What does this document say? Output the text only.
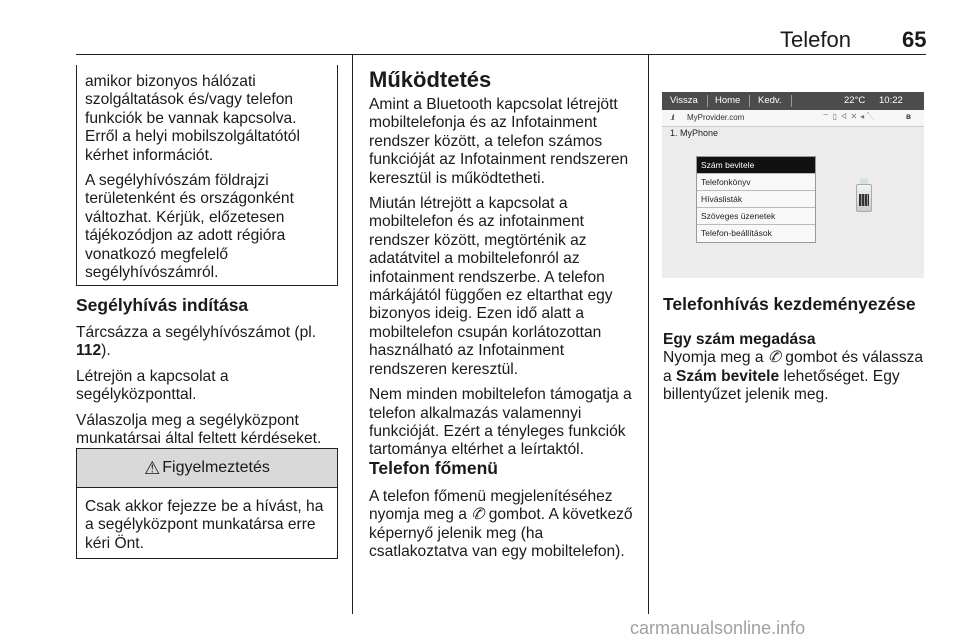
Telefon 65

amikor bizonyos hálózati szolgáltatások és/vagy telefon funkciók be vannak kapcsolva. Erről a helyi mobilszolgáltatótól kérhet információt.

A segélyhívószám földrajzi területenként és országonként változhat. Kérjük, előzetesen tájékozódjon az adott régióra vonatkozó megfelelő segélyhívószámról.

Segélyhívás indítása

Tárcsázza a segélyhívószámot (pl. 112).

Létrejön a kapcsolat a segélyközponttal.

Válaszolja meg a segélyközpont munkatársai által feltett kérdéseket.

⚠ Figyelmeztetés
Csak akkor fejezze be a hívást, ha a segélyközpont munkatársa erre kéri Önt.
Működtetés

Amint a Bluetooth kapcsolat létrejött mobiltelefonja és az Infotainment rendszer között, a telefon számos funkcióját az Infotainment rendszeren keresztül is működtetheti.

Miután létrejött a kapcsolat a mobiltelefon és az infotainment rendszer között, megtörténik az adatátvitel a mobiltelefonról az infotainment rendszerbe. A telefon márkájától függően ez eltarthat egy bizonyos ideig. Ezen idő alatt a mobiltelefon csupán korlátozottan használható az Infotainment rendszeren keresztül.

Nem minden mobiltelefon támogatja a telefon alkalmazás valamennyi funkcióját. Ezért a tényleges funkciók tartománya eltérhet a leírtaktól.

Telefon főmenü

A telefon főmenü megjelenítéséhez nyomja meg a ✆ gombot. A következő képernyő jelenik meg (ha csatlakoztatva van egy mobiltelefon).

Vissza Home Kedv.	22°C 10:22
.ıl MyProvider.com	⌔▯◃✕◂↖	ʙ
1. MyPhone
Szám bevitele
Telefonkönyv
Híváslisták
Szöveges üzenetek
Telefon-beállítások
Telefonhívás kezdeményezése

Egy szám megadása

Nyomja meg a ✆ gombot és válassza a Szám bevitele lehetőséget. Egy billentyűzet jelenik meg.

carmanualsonline.info
